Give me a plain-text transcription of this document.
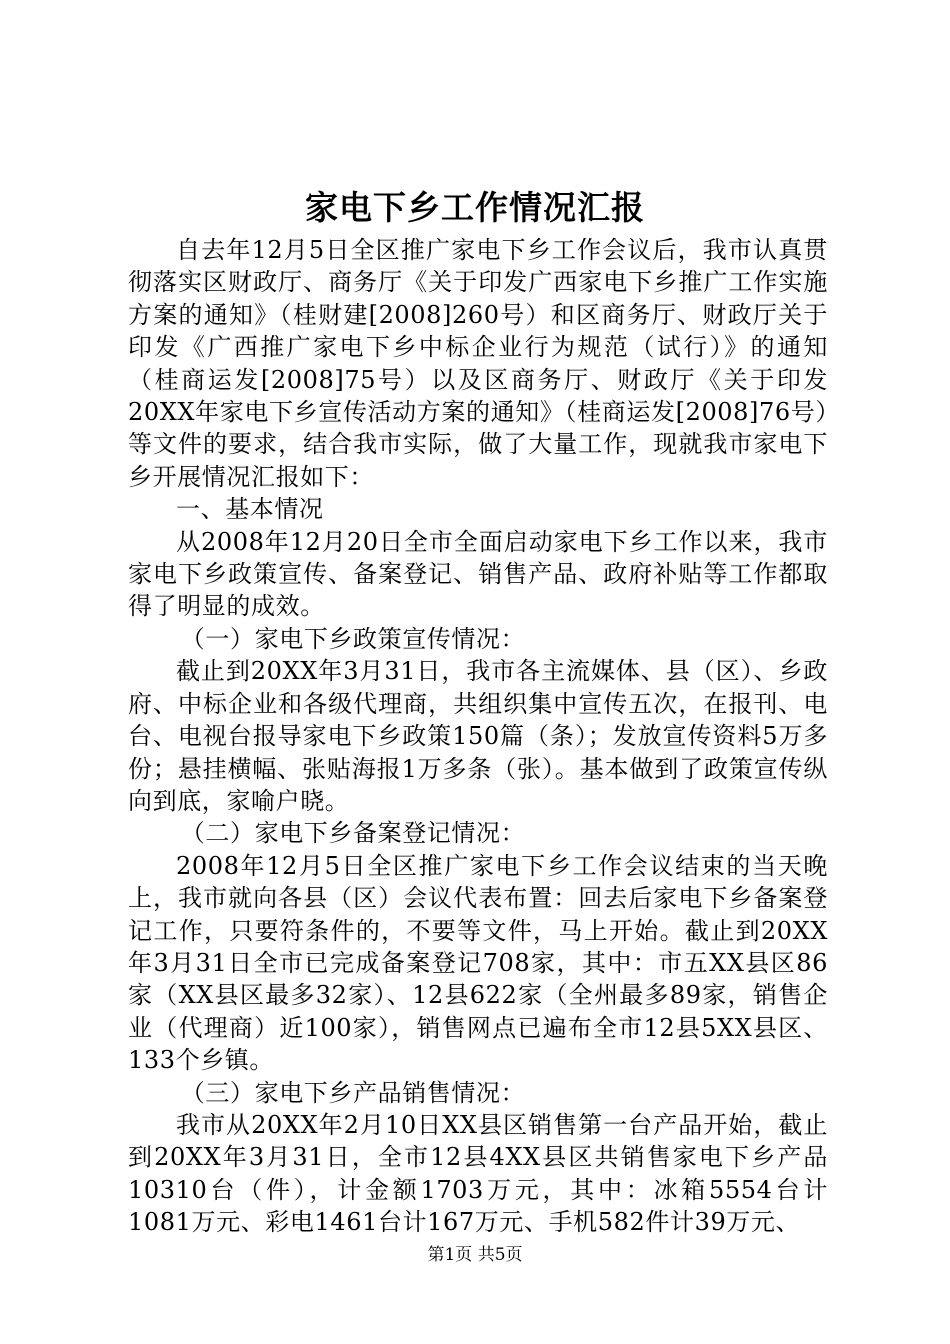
家电下乡工作情况汇报

自去年12月5日全区推广家电下乡工作会议后，我市认真贯彻落实区财政厅、商务厅《关于印发广西家电下乡推广工作实施方案的通知》（桂财建[2008]260号）和区商务厅、财政厅关于印发《广西推广家电下乡中标企业行为规范（试行）》的通知（桂商运发[2008]75号）以及区商务厅、财政厅《关于印发20XX年家电下乡宣传活动方案的通知》（桂商运发[2008]76号）等文件的要求，结合我市实际，做了大量工作，现就我市家电下乡开展情况汇报如下：

一、基本情况

从2008年12月20日全市全面启动家电下乡工作以来，我市家电下乡政策宣传、备案登记、销售产品、政府补贴等工作都取得了明显的成效。

（一）家电下乡政策宣传情况：

截止到20XX年3月31日，我市各主流媒体、县（区）、乡政府、中标企业和各级代理商，共组织集中宣传五次，在报刊、电台、电视台报导家电下乡政策150篇（条）；发放宣传资料5万多份；悬挂横幅、张贴海报1万多条（张）。基本做到了政策宣传纵向到底，家喻户晓。

（二）家电下乡备案登记情况：

2008年12月5日全区推广家电下乡工作会议结束的当天晚上，我市就向各县（区）会议代表布置：回去后家电下乡备案登记工作，只要符条件的，不要等文件，马上开始。截止到20XX年3月31日全市已完成备案登记708家，其中：市五XX县区86家（XX县区最多32家）、12县622家（全州最多89家，销售企业（代理商）近100家），销售网点已遍布全市12县5XX县区、133个乡镇。

（三）家电下乡产品销售情况：

我市从20XX年2月10日XX县区销售第一台产品开始，截止到20XX年3月31日，全市12县4XX县区共销售家电下乡产品10310台（件），计金额1703万元，其中：冰箱5554台计1081万元、彩电1461台计167万元、手机582件计39万元、

第1页 共5页
